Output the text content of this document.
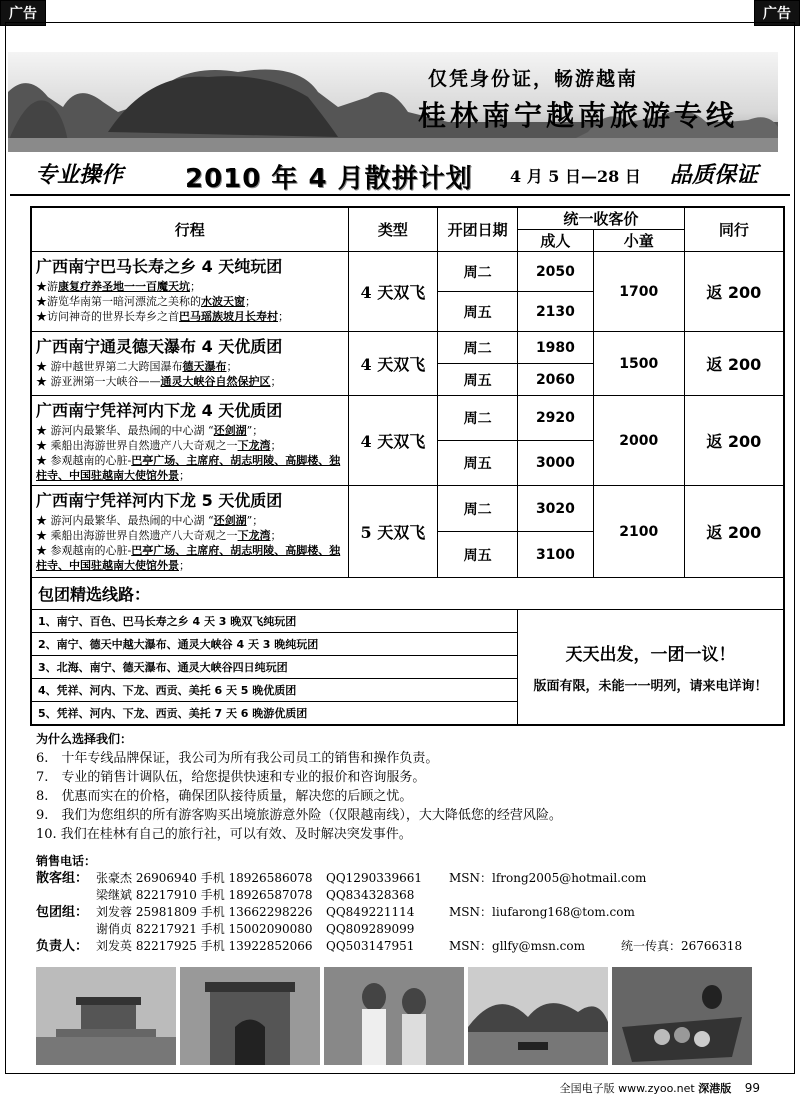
广告	广告
仅凭身份证，畅游越南
桂林南宁越南旅游专线
专业操作 2010 年 4 月散拼计划 4 月 5 日—28 日 品质保证
行程	类型	开团日期	统一收客价		同行
			成人	小童	

广西南宁巴马长寿之乡 4 天纯玩团
★游康复疗养圣地一一百魔天坑；
★游览华南第一暗河漂流之美称的水波天窗；
★访问神奇的世界长寿乡之首巴马瑶族坡月长寿村；	4 天双飞	周二	2050	1700	返 200
		周五	2130		

广西南宁通灵德天瀑布 4 天优质团
★ 游中越世界第二大跨国瀑布德天瀑布；
★ 游亚洲第一大峡谷——通灵大峡谷自然保护区；	4 天双飞	周二	1980	1500	返 200
		周五	2060		

广西南宁凭祥河内下龙 4 天优质团
★ 游河内最繁华、最热闹的中心湖 “还剑湖”；
★ 乘船出海游世界自然遗产八大奇观之一下龙湾；
★ 参观越南的心脏-巴亭广场、主席府、胡志明陵、高脚楼、独柱寺、中国驻越南大使馆外景；	4 天双飞	周二	2920	2000	返 200
		周五	3000		

广西南宁凭祥河内下龙 5 天优质团
★ 游河内最繁华、最热闹的中心湖 “还剑湖”；
★ 乘船出海游世界自然遗产八大奇观之一下龙湾；
★ 参观越南的心脏-巴亭广场、主席府、胡志明陵、高脚楼、独柱寺、中国驻越南大使馆外景；	5 天双飞	周二	3020	2100	返 200
		周五	3100		
包团精选线路：					
1、南宁、百色、巴马长寿之乡 4 天 3 晚双飞纯玩团			天天出发，一团一议！
版面有限，未能一一明列，请来电详询！		

2、南宁、德天中越大瀑布、通灵大峡谷 4 天 3 晚纯玩团					
3、北海、南宁、德天瀑布、通灵大峡谷四日纯玩团					
4、凭祥、河内、下龙、西贡、美托 6 天 5 晚优质团					
5、凭祥、河内、下龙、西贡、美托 7 天 6 晚游优质团					
为什么选择我们：
6.　十年专线品牌保证，我公司为所有我公司员工的销售和操作负责。
7.　专业的销售计调队伍，给您提供快速和专业的报价和咨询服务。
8.　优惠而实在的价格，确保团队接待质量，解决您的后顾之忧。
9.　我们为您组织的所有游客购买出境旅游意外险（仅限越南线），大大降低您的经营风险。
10. 我们在桂林有自己的旅行社，可以有效、及时解决突发事件。
销售电话：
散客组： 张豪杰 26906940 手机 18926586078 QQ1290339661 MSN：lfrong2005@hotmail.com
梁继斌 82217910 手机 18926587078 QQ834328368
包团组： 刘发蓉 25981809 手机 13662298226 QQ849221114	MSN：liufarong168@tom.com
谢俏贞 82217921 手机 15002090080 QQ809289099
负责人： 刘发英 82217925 手机 13922852066 QQ503147951	MSN：gllfy@msn.com	统一传真：26766318
全国电子版 www.zyoo.net 深港版 99
